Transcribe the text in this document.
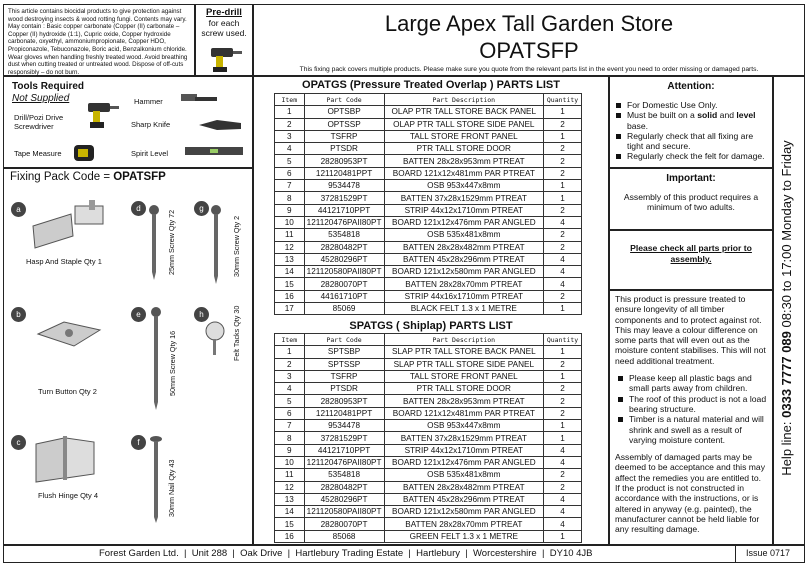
This article contains biocidal products to give protection against wood destroying insects & wood rotting fungi. Contents may vary. May contain : Basic copper carbonate (Copper (II) carbonate – Copper (II) hydroxide (1:1), Cupric oxide, Copper hydroxide carbonate, oxyethyl, ammoniumpropionate, Copper HDO, Propiconazole, Tebuconazole, Boric acid, Benzalkonium chloride. Wear gloves when handling freshly treated wood. Avoid breathing dust when cutting treated or untreated wood. Dispose of off-cuts responsibly – do not burn.
Pre-drill
for each screw used.	Large Apex Tall Garden Store
OPATSFP
This fixing pack covers multiple products. Please make sure you quote from the relevant parts list in the event you need to order missing or damaged parts.
Tools Required
Not Supplied
Drill/Pozi Drive Screwdriver
Hammer
Sharp Knife
Tape Measure	Spirit Level
Fixing Pack Code = OPATSFP
a
Hasp And Staple Qty 1
b
Turn Button Qty 2
c
Flush Hinge Qty 4
d
25mm Screw Qty 72
g
30mm Screw Qty 2
e
50mm Screw Qty 16
h	Felt Tacks Qty 30
f
30mm Nail Qty 43
OPATGS (Pressure Treated Overlap ) PARTS LIST
Item	Part Code	Part Description	Quantity
1	OPTSBP	OLAP PTR TALL STORE BACK PANEL	1
2	OPTSSP	OLAP PTR TALL STORE SIDE PANEL	2
3	TSFRP	TALL STORE FRONT PANEL	1
4	PTSDR	PTR TALL STORE DOOR	2
5	28280953PT	BATTEN 28x28x953mm PTREAT	2
6	121120481PPT	BOARD 121x12x481mm PAR PTREAT	2
7	9534478	OSB 953x447x8mm	1
8	37281529PT	BATTEN 37x28x1529mm PTREAT	1
9	44121710PPT	STRIP 44x12x1710mm PTREAT	2
10	121120476PAII80PT	BOARD 121x12x476mm PAR ANGLED	4
11	5354818	OSB 535x481x8mm	2
12	28280482PT	BATTEN 28x28x482mm PTREAT	2
13	45280296PT	BATTEN 45x28x296mm PTREAT	4
14	121120580PAII80PT	BOARD 121x12x580mm PAR ANGLED	4
15	28280070PT	BATTEN 28x28x70mm PTREAT	4
16	44161710PT	STRIP 44x16x1710mm PTREAT	2
17	85069	BLACK FELT 1.3 x 1 METRE	1
SPATGS ( Shiplap) PARTS LIST
Item	Part Code	Part Description	Quantity
1	SPTSBP	SLAP PTR TALL STORE BACK PANEL	1
2	SPTSSP	SLAP PTR TALL STORE SIDE PANEL	2
3	TSFRP	TALL STORE FRONT PANEL	1
4	PTSDR	PTR TALL STORE DOOR	2
5	28280953PT	BATTEN 28x28x953mm PTREAT	2
6	121120481PPT	BOARD 121x12x481mm PAR PTREAT	2
7	9534478	OSB 953x447x8mm	1
8	37281529PT	BATTEN 37x28x1529mm PTREAT	1
9	44121710PPT	STRIP 44x12x1710mm PTREAT	4
10	121120476PAII80PT	BOARD 121x12x476mm PAR ANGLED	4
11	5354818	OSB 535x481x8mm	2
12	28280482PT	BATTEN 28x28x482mm PTREAT	2
13	45280296PT	BATTEN 45x28x296mm PTREAT	4
14	121120580PAII80PT	BOARD 121x12x580mm PAR ANGLED	4
15	28280070PT	BATTEN 28x28x70mm PTREAT	4
16	85068	GREEN FELT 1.3 x 1 METRE	1
Attention:
For Domestic Use Only.
Must be built on a solid and level base.
Regularly check that all fixing are tight and secure.
Regularly check the felt for damage.
Important:
Assembly of this product requires a minimum of two adults.
Please check all parts prior to assembly.
This product is pressure treated to ensure longevity of all timber components and to protect against rot. This may leave a colour difference on some parts that will even out as the moisture content stabilises. This will not need additional treatment.
Please keep all plastic bags and small parts away from children.
The roof of this product is not a load bearing structure.
Timber is a natural material and will shrink and swell as a result of varying moisture content.
Assembly of damaged parts may be deemed to be acceptance and this may affect the remedies you are entitled to.
If the product is not constructed in accordance with the instructions, or is altered in anyway (e.g. painted), the manufacturer cannot be held liable for any resulting damage.
Help line: 0333 7777 089 08:30 to 17:00 Monday to Friday
Forest Garden Ltd.  |  Unit 288  |  Oak Drive  |  Hartlebury Trading Estate  |  Hartlebury  |  Worcestershire  |  DY10 4JB	Issue 0717
